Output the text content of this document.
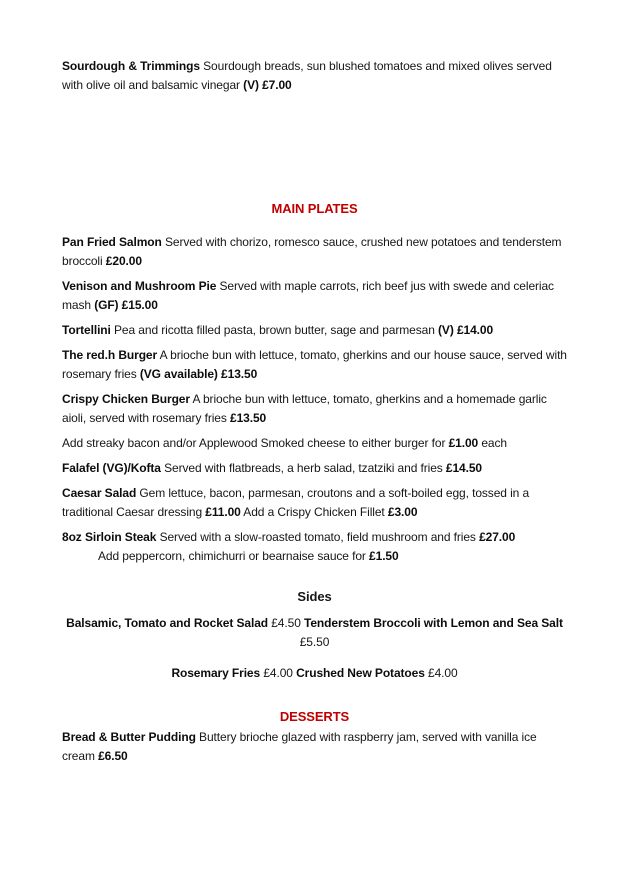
Sourdough & Trimmings Sourdough breads, sun blushed tomatoes and mixed olives served with olive oil and balsamic vinegar (V) £7.00

MAIN PLATES

Pan Fried Salmon Served with chorizo, romesco sauce, crushed new potatoes and tenderstem broccoli £20.00

Venison and Mushroom Pie Served with maple carrots, rich beef jus with swede and celeriac mash (GF) £15.00

Tortellini Pea and ricotta filled pasta, brown butter, sage and parmesan (V) £14.00

The red.h Burger A brioche bun with lettuce, tomato, gherkins and our house sauce, served with rosemary fries (VG available) £13.50

Crispy Chicken Burger A brioche bun with lettuce, tomato, gherkins and a homemade garlic aioli, served with rosemary fries £13.50

Add streaky bacon and/or Applewood Smoked cheese to either burger for £1.00 each

Falafel (VG)/Kofta Served with flatbreads, a herb salad, tzatziki and fries £14.50

Caesar Salad Gem lettuce, bacon, parmesan, croutons and a soft-boiled egg, tossed in a traditional Caesar dressing £11.00 Add a Crispy Chicken Fillet £3.00

8oz Sirloin Steak Served with a slow-roasted tomato, field mushroom and fries £27.00
Add peppercorn, chimichurri or bearnaise sauce for £1.50

Sides

Balsamic, Tomato and Rocket Salad £4.50 Tenderstem Broccoli with Lemon and Sea Salt
£5.50

Rosemary Fries £4.00 Crushed New Potatoes £4.00

DESSERTS

Bread & Butter Pudding Buttery brioche glazed with raspberry jam, served with vanilla ice cream £6.50
